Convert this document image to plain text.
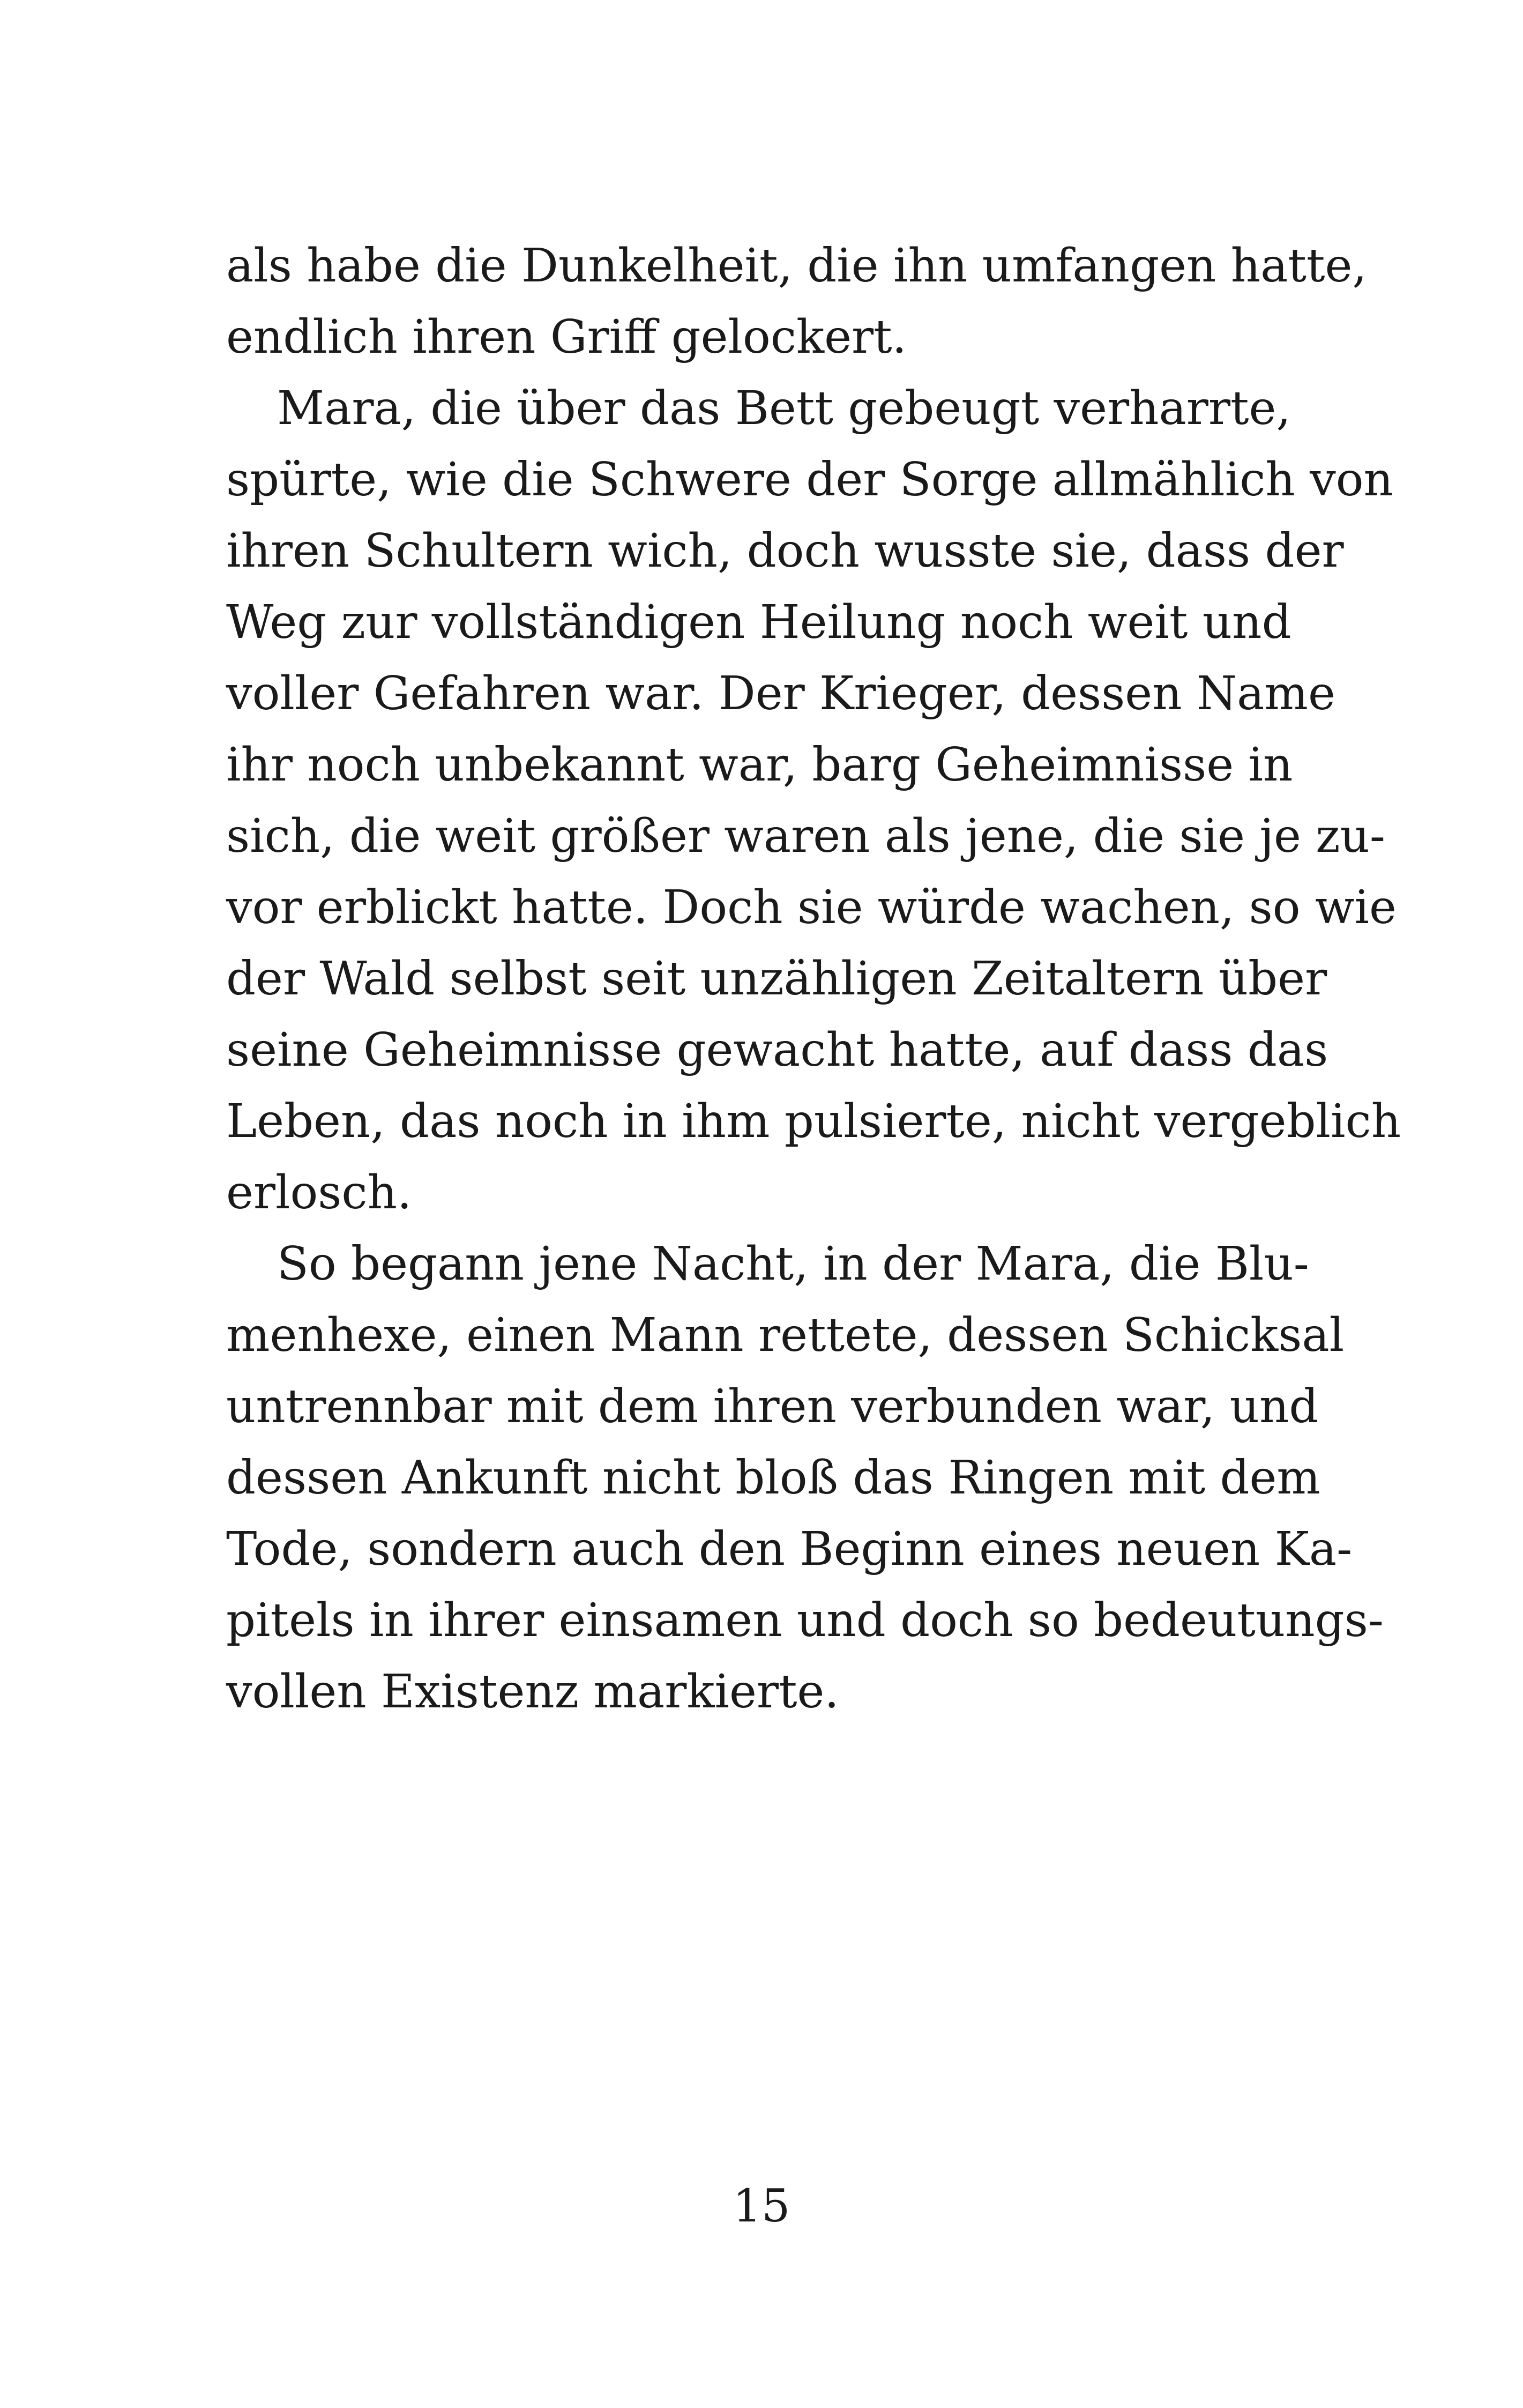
als habe die Dunkelheit, die ihn umfangen hatte,
endlich ihren Griff gelockert.
Mara, die über das Bett gebeugt verharrte,
spürte, wie die Schwere der Sorge allmählich von
ihren Schultern wich, doch wusste sie, dass der
Weg zur vollständigen Heilung noch weit und
voller Gefahren war. Der Krieger, dessen Name
ihr noch unbekannt war, barg Geheimnisse in
sich, die weit größer waren als jene, die sie je zu-
vor erblickt hatte. Doch sie würde wachen, so wie
der Wald selbst seit unzähligen Zeitaltern über
seine Geheimnisse gewacht hatte, auf dass das
Leben, das noch in ihm pulsierte, nicht vergeblich
erlosch.
So begann jene Nacht, in der Mara, die Blu-
menhexe, einen Mann rettete, dessen Schicksal
untrennbar mit dem ihren verbunden war, und
dessen Ankunft nicht bloß das Ringen mit dem
Tode, sondern auch den Beginn eines neuen Ka-
pitels in ihrer einsamen und doch so bedeutungs-
vollen Existenz markierte.
15
